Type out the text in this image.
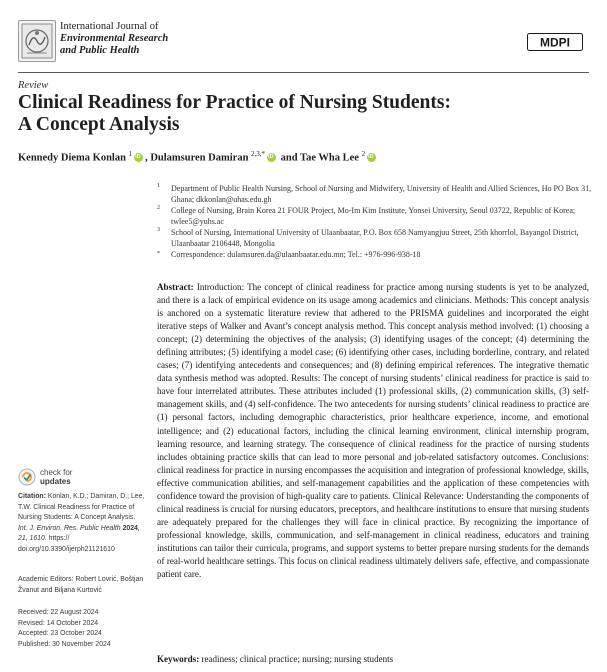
International Journal of
Environmental Research
and Public Health
MDPI
Review
Clinical Readiness for Practice of Nursing Students:
A Concept Analysis
Kennedy Diema Konlan $^1$ iD , Dulamsuren Damiran $^{2,3,*}$ iD and Tae Wha Lee $^2$iD
1 Department of Public Health Nursing, School of Nursing and Midwifery, University of Health and Allied Sciences, Ho PO Box 31, Ghana; dkkonlan@uhas.edu.gh
2 College of Nursing, Brain Korea 21 FOUR Project, Mo-Im Kim Institute, Yonsei University, Seoul 03722, Republic of Korea; twlee5@yuhs.ac
3 School of Nursing, International University of Ulaanbaatar, P.O. Box 658 Namyangjuu Street, 25th khorrlol, Bayangol District, Ulaanbaatar 2106448, Mongolia
* Correspondence: dulamsuren.da@ulaanbaatar.edu.mn; Tel.: +976-996-938-18
Abstract: Introduction: The concept of clinical readiness for practice among nursing students is yet to be analyzed, and there is a lack of empirical evidence on its usage among academics and clinicians. Methods: This concept analysis is anchored on a systematic literature review that adhered to the PRISMA guidelines and incorporated the eight iterative steps of Walker and Avant’s concept analysis method. This concept analysis method involved: (1) choosing a concept; (2) determining the objectives of the analysis; (3) identifying usages of the concept; (4) determining the defining attributes; (5) identifying a model case; (6) identifying other cases, including borderline, contrary, and related cases; (7) identifying antecedents and consequences; and (8) defining empirical references. The integrative thematic data synthesis method was adopted. Results: The concept of nursing students’ clinical readiness for practice is said to have four interrelated attributes. These attributes included (1) professional skills, (2) communication skills, (3) self-management skills, and (4) self-confidence. The two antecedents for nursing students’ clinical readiness to practice are (1) personal factors, including demographic characteristics, prior healthcare experience, income, and emotional intelligence; and (2) educational factors, including the clinical learning environment, clinical internship program, learning resource, and learning strategy. The consequence of clinical readiness for the practice of nursing students includes obtaining practice skills that can lead to more personal and job-related satisfactory outcomes. Conclusions: clinical readiness for practice in nursing encompasses the acquisition and integration of professional knowledge, skills, effective communication abilities, and self-management capabilities and the application of these competencies with confidence toward the provision of high-quality care to patients. Clinical Relevance: Understanding the components of clinical readiness is crucial for nursing educators, preceptors, and healthcare institutions to ensure that nursing students are adequately prepared for the challenges they will face in clinical practice. By recognizing the importance of professional knowledge, skills, communication, and self-management in clinical readiness, educators and training institutions can tailor their curricula, programs, and support systems to better prepare nursing students for the demands of real-world healthcare settings. This focus on clinical readiness ultimately delivers safe, effective, and compassionate patient care.
Keywords: readiness; clinical practice; nursing; nursing students
check for
updates
Citation: Konlan, K.D.; Damiran, D.; Lee, T.W. Clinical Readiness for Practice of Nursing Students: A Concept Analysis. Int. J. Environ. Res. Public Health 2024, 21, 1610. https:// doi.org/10.3390/ijerph21121610
Academic Editors: Robert Lovrić, Boštjan Žvanut and Biljana Kurtović
Received: 22 August 2024
Revised: 14 October 2024
Accepted: 23 October 2024
Published: 30 November 2024
